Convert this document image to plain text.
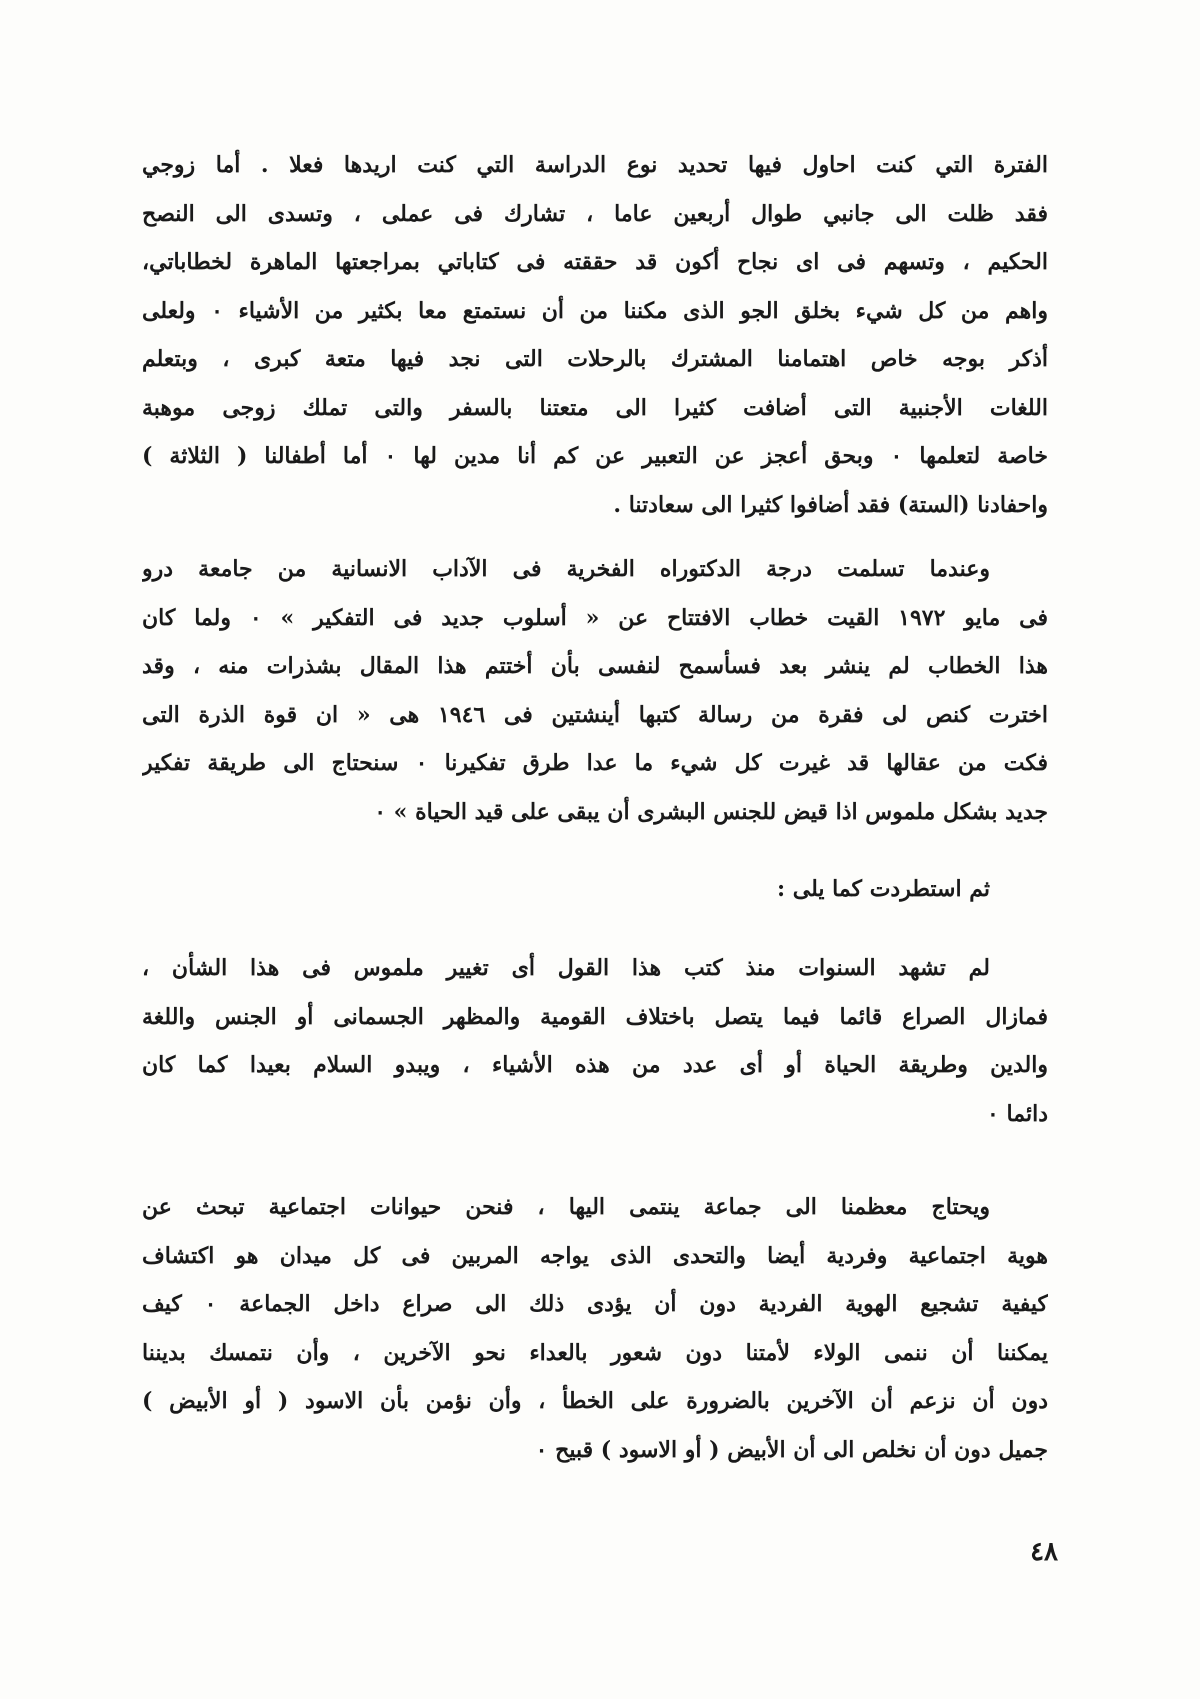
الفترة التي كنت احاول فيها تحديد نوع الدراسة التي كنت اريدها فعلا . أما زوجي
فقد ظلت الى جانبي طوال أربعين عاما ، تشارك فى عملى ، وتسدى الى النصح
الحكيم ، وتسهم فى اى نجاح أكون قد حققته فى كتاباتي بمراجعتها الماهرة لخطاباتي،
واهم من كل شيء بخلق الجو الذى مكننا من أن نستمتع معا بكثير من الأشياء ٠ ولعلى
أذكر بوجه خاص اهتمامنا المشترك بالرحلات التى نجد فيها متعة كبرى ، وبتعلم
اللغات الأجنبية التى أضافت كثيرا الى متعتنا بالسفر والتى تملك زوجى موهبة
خاصة لتعلمها ٠ وبحق أعجز عن التعبير عن كم أنا مدين لها ٠ أما أطفالنا ( الثلاثة )
واحفادنا (الستة) فقد أضافوا كثيرا الى سعادتنا .
وعندما تسلمت درجة الدكتوراه الفخرية فى الآداب الانسانية من جامعة درو
فى مايو ١٩٧٢ القيت خطاب الافتتاح عن « أسلوب جديد فى التفكير » ٠ ولما كان
هذا الخطاب لم ينشر بعد فسأسمح لنفسى بأن أختتم هذا المقال بشذرات منه ، وقد
اخترت كنص لى فقرة من رسالة كتبها أينشتين فى ١٩٤٦ هى « ان قوة الذرة التى
فكت من عقالها قد غيرت كل شيء ما عدا طرق تفكيرنا ٠ سنحتاج الى طريقة تفكير
جديد بشكل ملموس اذا قيض للجنس البشرى أن يبقى على قيد الحياة » ٠
ثم استطردت كما يلى :
لم تشهد السنوات منذ كتب هذا القول أى تغيير ملموس فى هذا الشأن ،
فمازال الصراع قائما فيما يتصل باختلاف القومية والمظهر الجسمانى أو الجنس واللغة
والدين وطريقة الحياة أو أى عدد من هذه الأشياء ، ويبدو السلام بعيدا كما كان
دائما ٠
ويحتاج معظمنا الى جماعة ينتمى اليها ، فنحن حيوانات اجتماعية تبحث عن
هوية اجتماعية وفردية أيضا والتحدى الذى يواجه المربين فى كل ميدان هو اكتشاف
كيفية تشجيع الهوية الفردية دون أن يؤدى ذلك الى صراع داخل الجماعة ٠ كيف
يمكننا أن ننمى الولاء لأمتنا دون شعور بالعداء نحو الآخرين ، وأن نتمسك بديننا
دون أن نزعم أن الآخرين بالضرورة على الخطأ ، وأن نؤمن بأن الاسود ( أو الأبيض )
جميل دون أن نخلص الى أن الأبيض ( أو الاسود ) قبيح ٠
٤٨
